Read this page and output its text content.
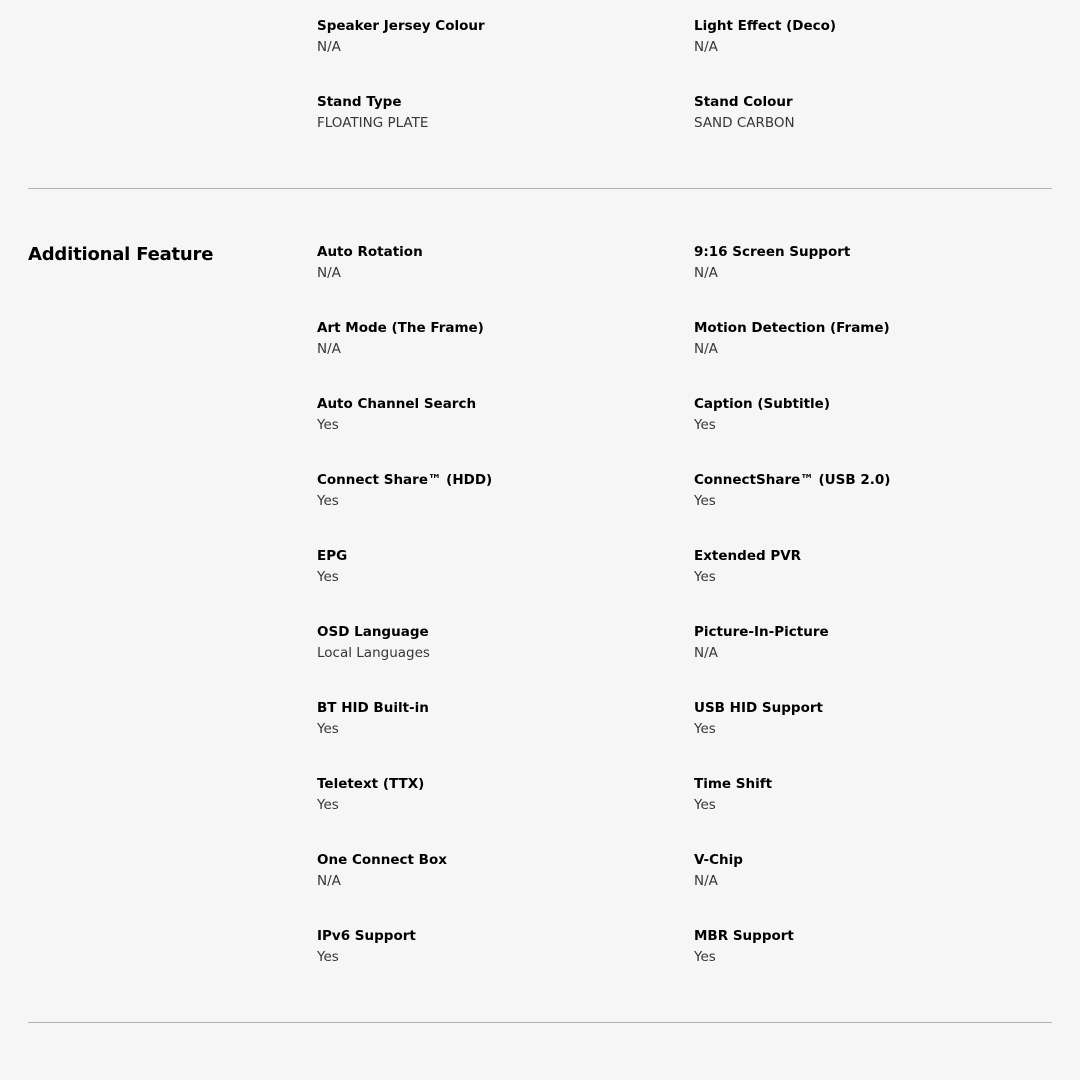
Speaker Jersey Colour
N/A
Light Effect (Deco)
N/A
Stand Type
FLOATING PLATE
Stand Colour
SAND CARBON
Additional Feature	Auto Rotation
N/A
9:16 Screen Support
N/A
Art Mode (The Frame)
N/A
Motion Detection (Frame)
N/A
Auto Channel Search
Yes
Caption (Subtitle)
Yes
Connect Share™ (HDD)
Yes
ConnectShare™ (USB 2.0)
Yes
EPG
Yes
Extended PVR
Yes
OSD Language
Local Languages
Picture-In-Picture
N/A
BT HID Built-in
Yes
USB HID Support
Yes
Teletext (TTX)
Yes
Time Shift
Yes
One Connect Box
N/A
V-Chip
N/A
IPv6 Support
Yes
MBR Support
Yes
